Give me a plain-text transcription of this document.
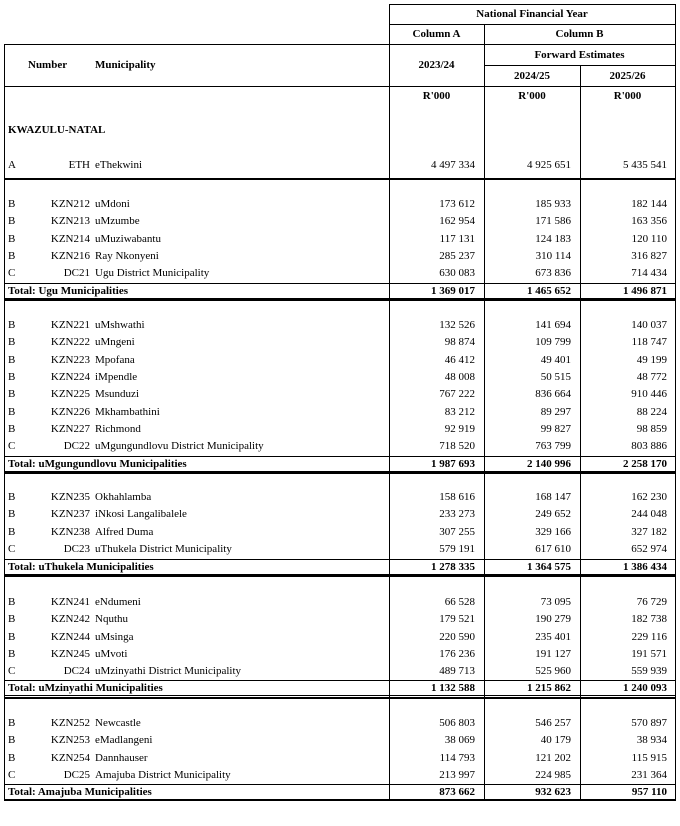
National Financial Year
Column A	Column B
Forward Estimates
Number	Municipality	2023/24
2024/25	2025/26
R'000	R'000	R'000
KWAZULU-NATAL
A	ETH eThekwini	4 497 334	4 925 651	5 435 541
B	KZN212 uMdoni	173 612	185 933	182 144
B	KZN213 uMzumbe	162 954	171 586	163 356
B	KZN214 uMuziwabantu	117 131	124 183	120 110
B	KZN216 Ray Nkonyeni	285 237	310 114	316 827
C	DC21 Ugu District Municipality	630 083	673 836	714 434
Total: Ugu Municipalities	1 369 017	1 465 652	1 496 871
B	KZN221 uMshwathi	132 526	141 694	140 037
B	KZN222 uMngeni	98 874	109 799	118 747
B	KZN223 Mpofana	46 412	49 401	49 199
B	KZN224 iMpendle	48 008	50 515	48 772
B	KZN225 Msunduzi	767 222	836 664	910 446
B	KZN226 Mkhambathini	83 212	89 297	88 224
B	KZN227 Richmond	92 919	99 827	98 859
C	DC22 uMgungundlovu District Municipality	718 520	763 799	803 886
Total: uMgungundlovu Municipalities	1 987 693	2 140 996	2 258 170
B	KZN235 Okhahlamba	158 616	168 147	162 230
B	KZN237 iNkosi Langalibalele	233 273	249 652	244 048
B	KZN238 Alfred Duma	307 255	329 166	327 182
C	DC23 uThukela District Municipality	579 191	617 610	652 974
Total: uThukela Municipalities	1 278 335	1 364 575	1 386 434
B	KZN241 eNdumeni	66 528	73 095	76 729
B	KZN242 Nquthu	179 521	190 279	182 738
B	KZN244 uMsinga	220 590	235 401	229 116
B	KZN245 uMvoti	176 236	191 127	191 571
C	DC24 uMzinyathi District Municipality	489 713	525 960	559 939
Total: uMzinyathi Municipalities	1 132 588	1 215 862	1 240 093
B	KZN252 Newcastle	506 803	546 257	570 897
B	KZN253 eMadlangeni	38 069	40 179	38 934
B	KZN254 Dannhauser	114 793	121 202	115 915
C	DC25 Amajuba District Municipality	213 997	224 985	231 364
Total: Amajuba Municipalities	873 662	932 623	957 110
